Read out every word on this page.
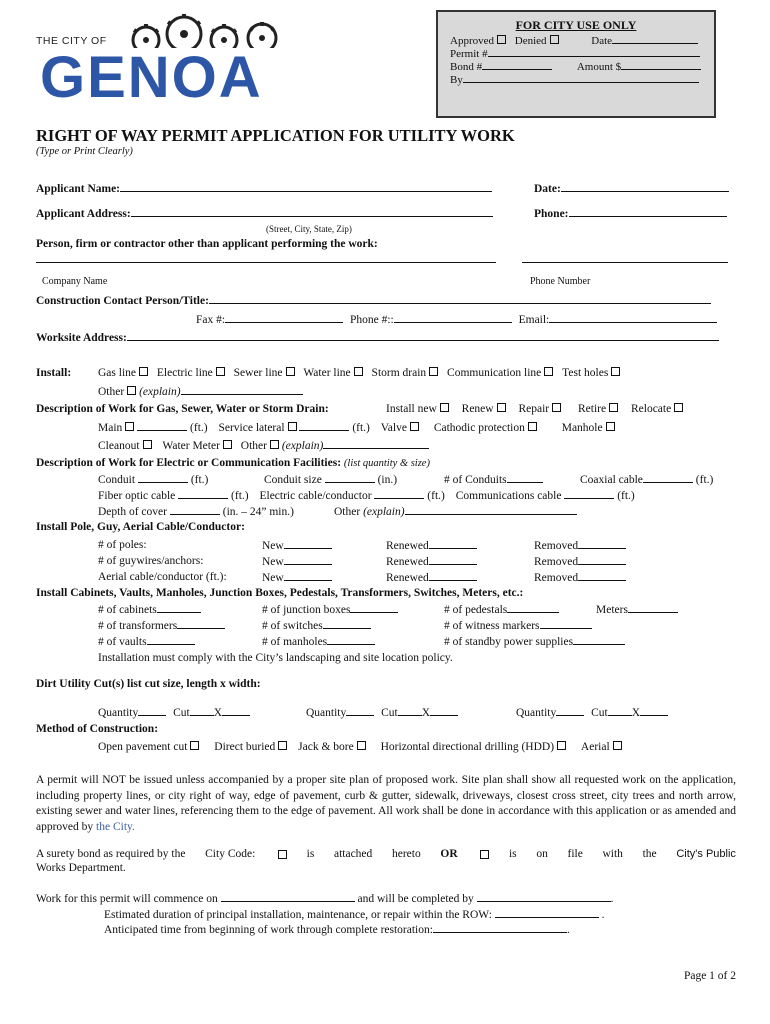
THE CITY OF
GENOA
FOR CITY USE ONLY
Approved Denied	Date
Permit #
Bond #	Amount $
By
RIGHT OF WAY PERMIT APPLICATION FOR UTILITY WORK
(Type or Print Clearly)
Applicant Name:	Date:
Applicant Address:	Phone:
(Street, City, State, Zip)
Person, firm or contractor other than applicant performing the work:
Company Name	Phone Number
Construction Contact Person/Title:
Fax #:	Phone #::	Email:
Worksite Address:
Install: Gas line Electric line Sewer line Water line Storm drain Communication line Test holes
Other (explain)
Description of Work for Gas, Sewer, Water or Storm Drain:	Install new Renew Repair	Retire Relocate
Main	(ft.) Service lateral	(ft.) Valve Cathodic protection	Manhole
Cleanout Water Meter Other (explain)
Description of Work for Electric or Communication Facilities: (list quantity & size)
Conduit	(ft.)	Conduit size	(in.)	# of Conduits	Coaxial cable	(ft.)
Fiber optic cable	(ft.) Electric cable/conductor	(ft.) Communications cable	(ft.)
Depth of cover	(in. – 24” min.)	Other (explain)
Install Pole, Guy, Aerial Cable/Conductor:
# of poles:	New	Renewed	Removed
# of guywires/anchors:	New	Renewed	Removed
Aerial cable/conductor (ft.):	New	Renewed	Removed
Install Cabinets, Vaults, Manholes, Junction Boxes, Pedestals, Transformers, Switches, Meters, etc.:
# of cabinets	# of junction boxes	# of pedestals	Meters
# of transformers	# of switches	# of witness markers
# of vaults	# of manholes	# of standby power supplies
Installation must comply with the City’s landscaping and site location policy.
Dirt Utility Cut(s) list cut size, length x width:
Quantity	Cut X	Quantity	Cut X	Quantity	Cut X
Method of Construction:
Open pavement cut Direct buried Jack & bore Horizontal directional drilling (HDD) Aerial
A permit will NOT be issued unless accompanied by a proper site plan of proposed work. Site plan shall show all requested work on the application, including property lines, or city right of way, edge of pavement, curb & gutter, sidewalk, driveways, closest cross street, city trees and north arrow, existing sewer and water lines, referencing them to the edge of pavement. All work shall be done in accordance with this application or as amended and approved by the City.
A surety bond as required by the City Code:	is attached hereto OR	is on file with the City's Public
Works Department.
Work for this permit will commence on	and will be completed by	.
Estimated duration of principal installation, maintenance, or repair within the ROW:	.
Anticipated time from beginning of work through complete restoration:	.
Page 1 of 2
